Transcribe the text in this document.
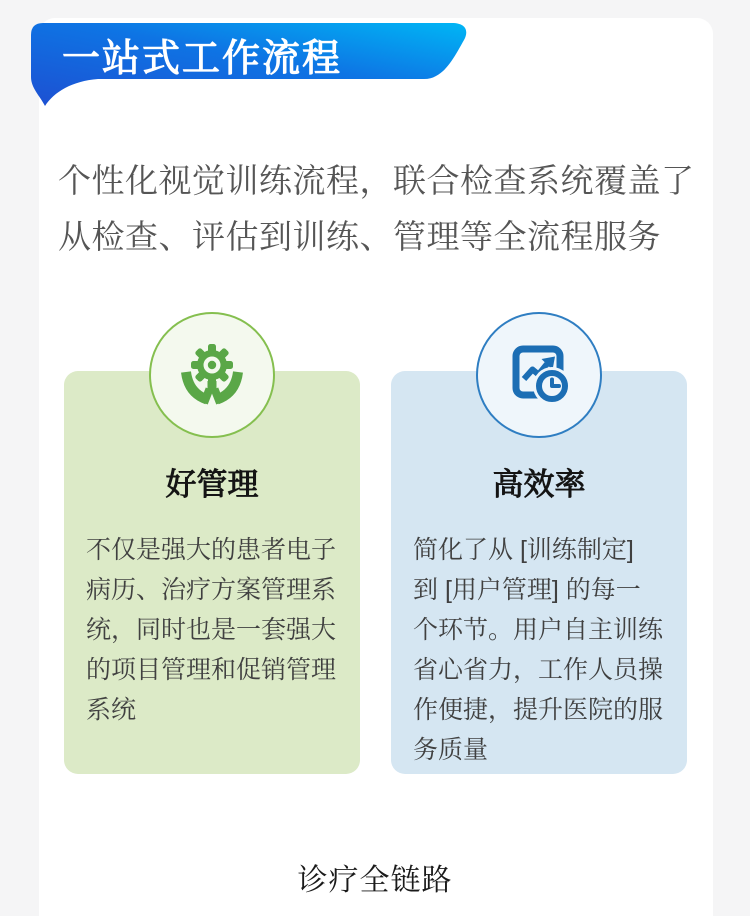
一站式工作流程
个性化视觉训练流程，联合检查系统覆盖了从检查、评估到训练、管理等全流程服务
好管理
不仅是强大的患者电子病历、治疗方案管理系统，同时也是一套强大的项目管理和促销管理系统
高效率
简化了从 [训练制定] 到 [用户管理] 的每一个环节。用户自主训练省心省力，工作人员操作便捷，提升医院的服务质量
诊疗全链路
